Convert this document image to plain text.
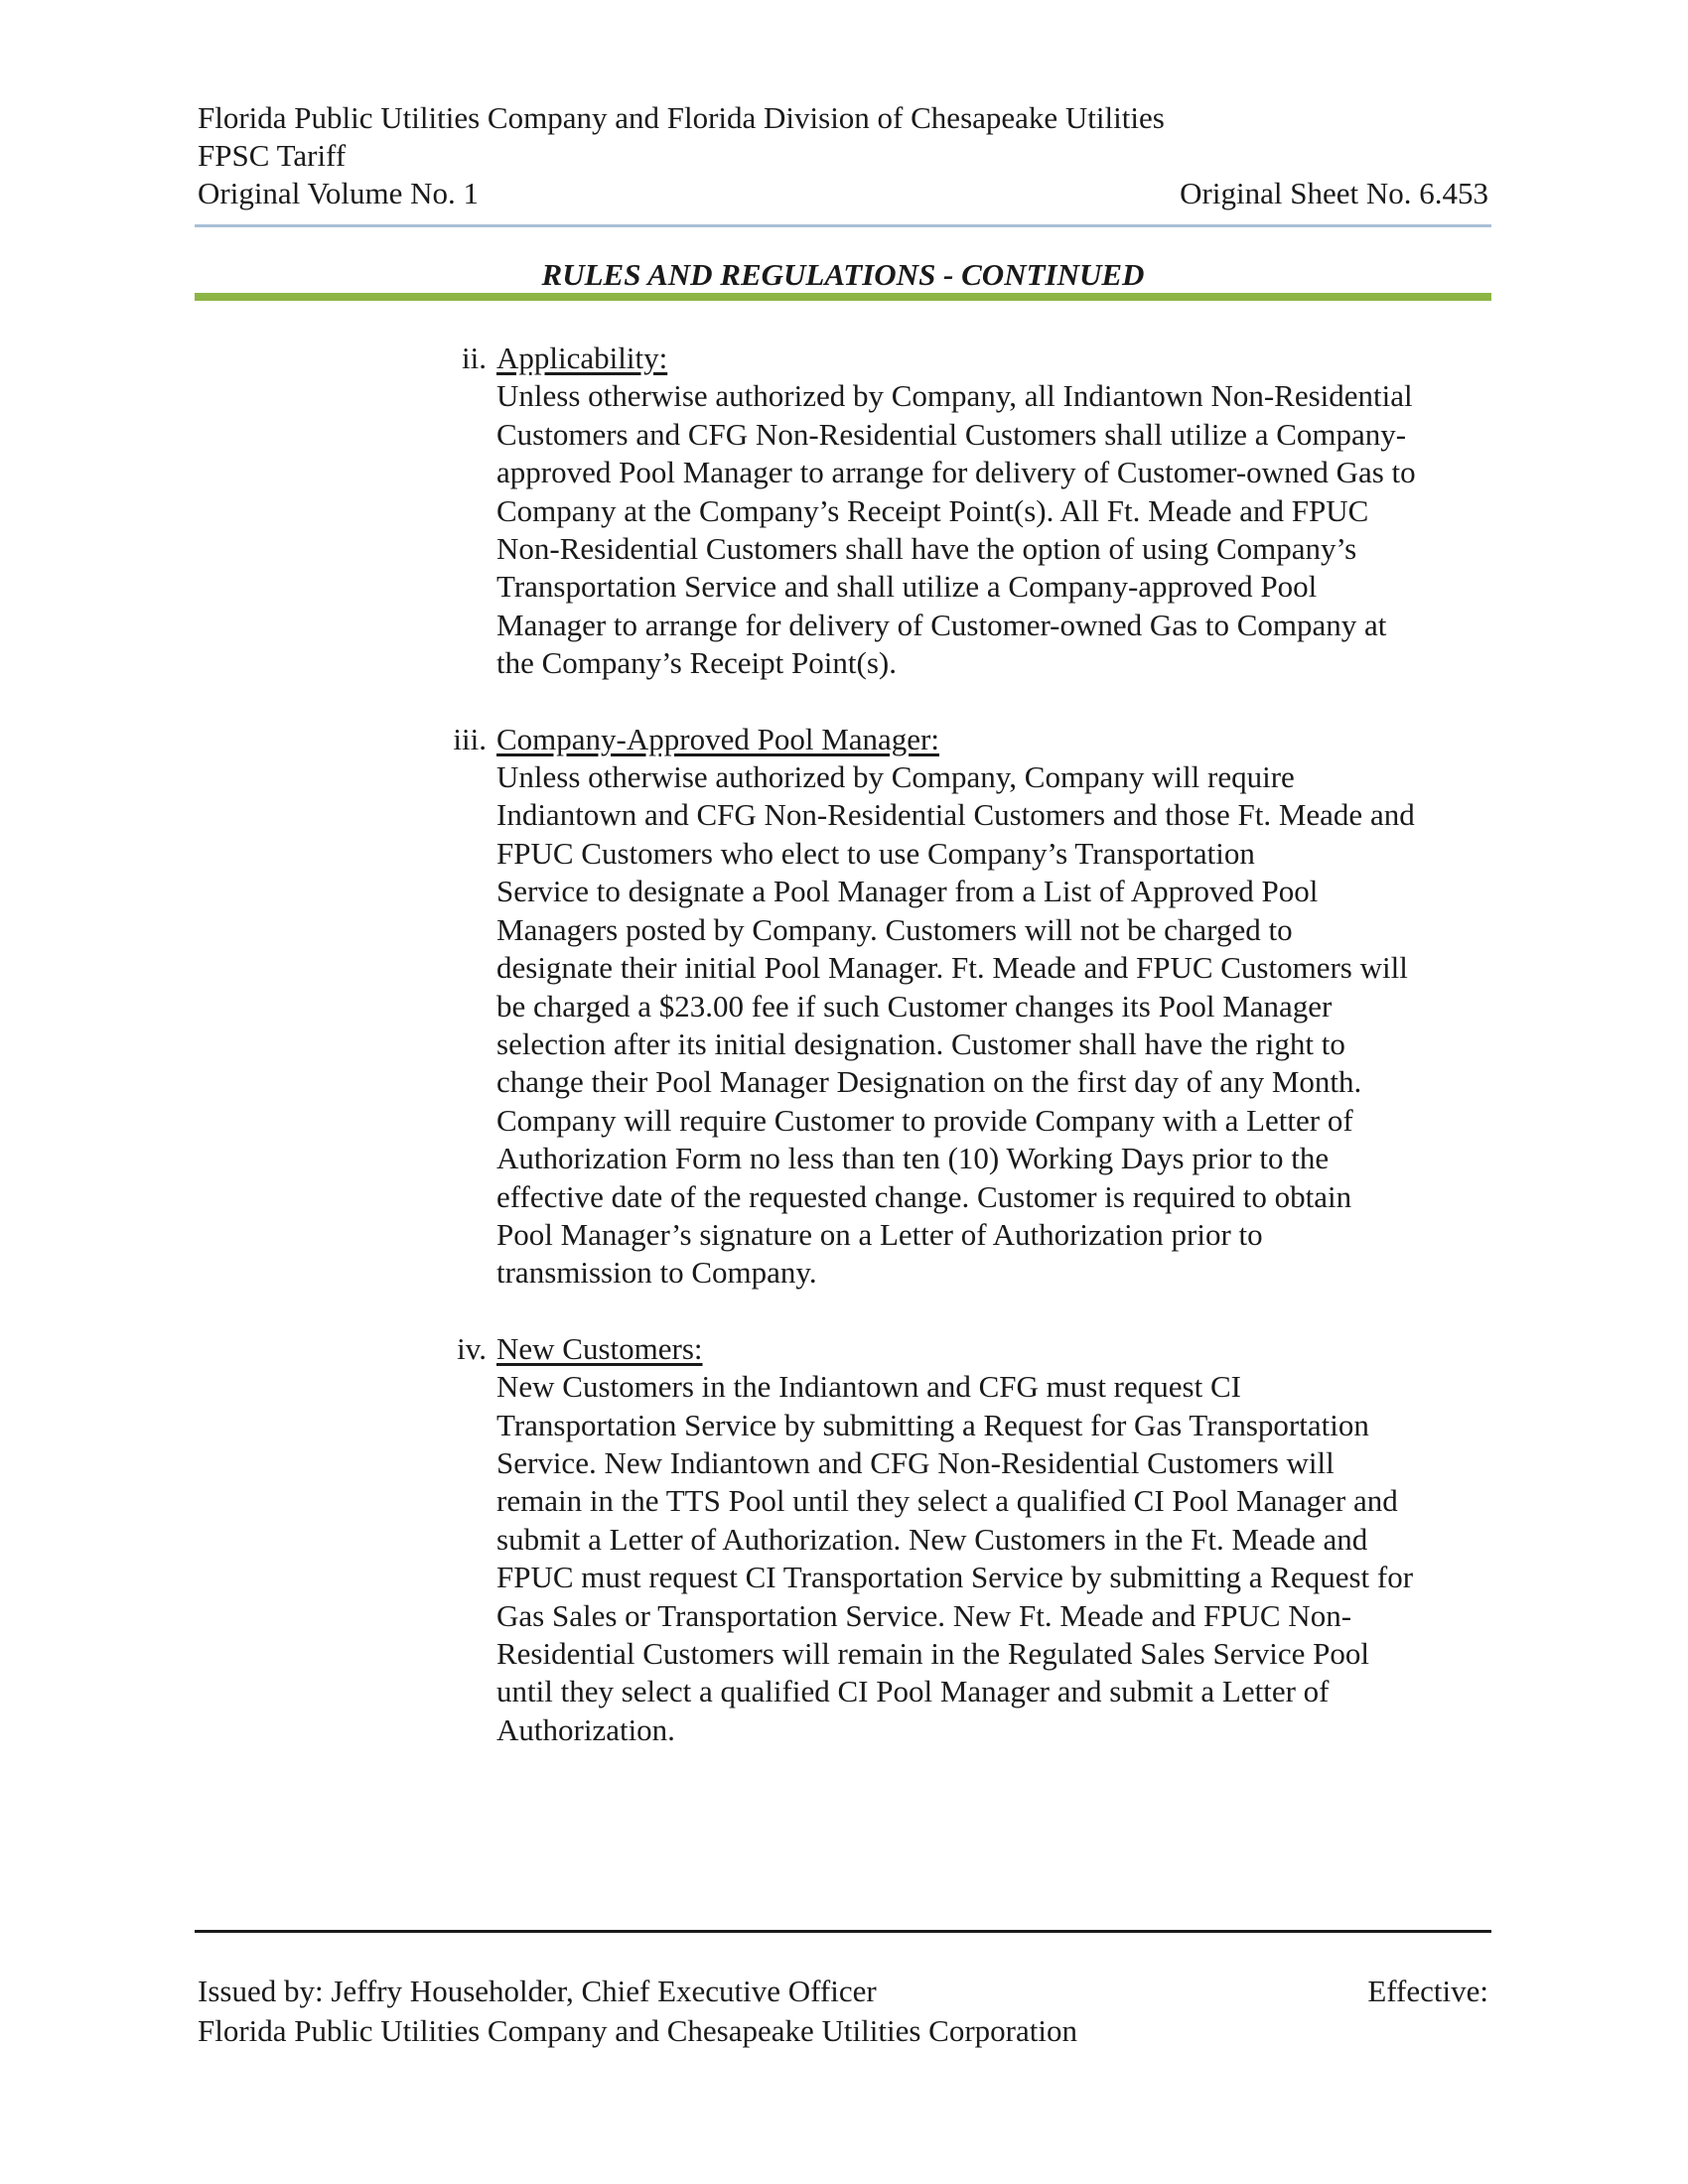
Florida Public Utilities Company and Florida Division of Chesapeake Utilities
FPSC Tariff
Original Volume No. 1	Original Sheet No. 6.453
RULES AND REGULATIONS - CONTINUED
ii. Applicability:
Unless otherwise authorized by Company, all Indiantown Non-Residential
Customers and CFG Non-Residential Customers shall utilize a Company-
approved Pool Manager to arrange for delivery of Customer-owned Gas to
Company at the Company’s Receipt Point(s). All Ft. Meade and FPUC
Non-Residential Customers shall have the option of using Company’s
Transportation Service and shall utilize a Company-approved Pool
Manager to arrange for delivery of Customer-owned Gas to Company at
the Company’s Receipt Point(s).
iii. Company-Approved Pool Manager:
Unless otherwise authorized by Company, Company will require
Indiantown and CFG Non-Residential Customers and those Ft. Meade and
FPUC Customers who elect to use Company’s Transportation
Service to designate a Pool Manager from a List of Approved Pool
Managers posted by Company. Customers will not be charged to
designate their initial Pool Manager. Ft. Meade and FPUC Customers will
be charged a $23.00 fee if such Customer changes its Pool Manager
selection after its initial designation. Customer shall have the right to
change their Pool Manager Designation on the first day of any Month.
Company will require Customer to provide Company with a Letter of
Authorization Form no less than ten (10) Working Days prior to the
effective date of the requested change. Customer is required to obtain
Pool Manager’s signature on a Letter of Authorization prior to
transmission to Company.
iv. New Customers:
New Customers in the Indiantown and CFG must request CI
Transportation Service by submitting a Request for Gas Transportation
Service. New Indiantown and CFG Non-Residential Customers will
remain in the TTS Pool until they select a qualified CI Pool Manager and
submit a Letter of Authorization. New Customers in the Ft. Meade and
FPUC must request CI Transportation Service by submitting a Request for
Gas Sales or Transportation Service. New Ft. Meade and FPUC Non-
Residential Customers will remain in the Regulated Sales Service Pool
until they select a qualified CI Pool Manager and submit a Letter of
Authorization.
Issued by: Jeffry Householder, Chief Executive Officer	Effective:
Florida Public Utilities Company and Chesapeake Utilities Corporation
